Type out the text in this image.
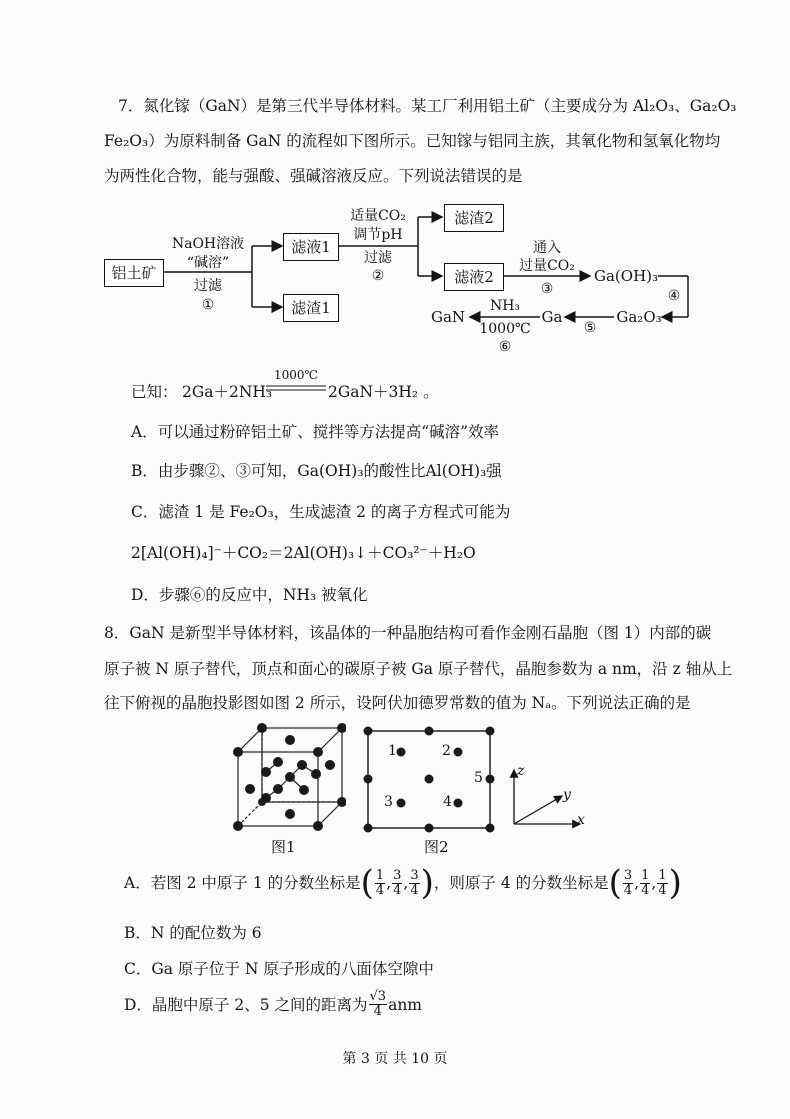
7．氮化镓（GaN）是第三代半导体材料。某工厂利用铝土矿（主要成分为 Al₂O₃、Ga₂O₃
Fe₂O₃）为原料制备 GaN 的流程如下图所示。已知镓与铝同主族，其氧化物和氢氧化物均
为两性化合物，能与强酸、强碱溶液反应。下列说法错误的是
铝土矿
滤液1
滤渣1
滤渣2
滤液2
NaOH溶液
“碱溶”
过滤
①
适量CO₂
调节pH
过滤
②
通入
过量CO₂
③
Ga(OH)₃
④
Ga₂O₃
⑤
Ga
NH₃
1000℃
⑥
GaN
已知： 2Ga＋2NH₃
1000℃
2GaN＋3H₂ 。
A．可以通过粉碎铝土矿、搅拌等方法提高“碱溶”效率
B．由步骤②、③可知，Ga(OH)₃的酸性比Al(OH)₃强
C．滤渣 1 是 Fe₂O₃，生成滤渣 2 的离子方程式可能为
2[Al(OH)₄]⁻＋CO₂＝2Al(OH)₃↓＋CO₃²⁻＋H₂O
D．步骤⑥的反应中，NH₃ 被氧化
8．GaN 是新型半导体材料，该晶体的一种晶胞结构可看作金刚石晶胞（图 1）内部的碳
原子被 N 原子替代，顶点和面心的碳原子被 Ga 原子替代，晶胞参数为 a nm，沿 z 轴从上
往下俯视的晶胞投影图如图 2 所示，设阿伏加德罗常数的值为 Nₐ。下列说法正确的是
图1
1	2
3	4
5
图2
z
y
x
A．若图 2 中原子 1 的分数坐标是 ( $\frac{1}{4}$ , $\frac{3}{4}$ , $\frac{3}{4}$ ) ，则原子 4 的分数坐标是 ( $\frac{3}{4}$ , $\frac{1}{4}$ , $\frac{1}{4}$ )
B．N 的配位数为 6
C．Ga 原子位于 N 原子形成的八面体空隙中
D．晶胞中原子 2、5 之间的距离为 $\frac{√3}{4}$ anm
第 3 页 共 10 页
